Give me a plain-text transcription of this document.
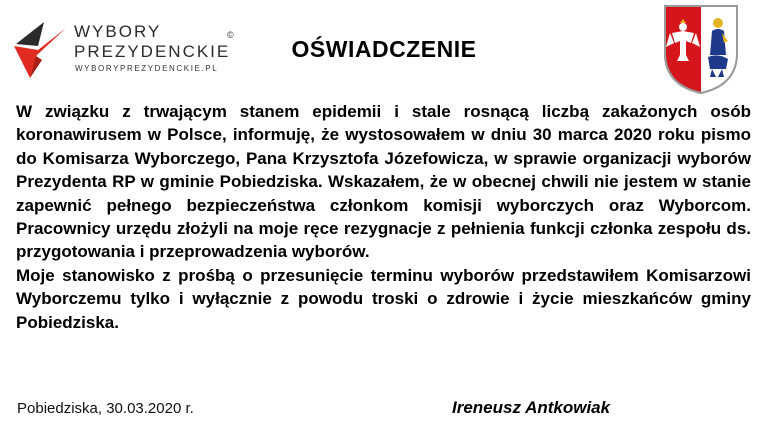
WYBORY
PREZYDENCKIE
©
WYBORYPREZYDENCKIE.PL
OŚWIADCZENIE

W związku z trwającym stanem epidemii i stale rosnącą liczbą zakażonych osób koronawirusem w Polsce, informuję, że wystosowałem w dniu 30 marca 2020 roku pismo do Komisarza Wyborczego, Pana Krzysztofa Józefowicza, w sprawie organizacji wyborów Prezydenta RP w gminie Pobiedziska. Wskazałem, że w obecnej chwili nie jestem w stanie zapewnić pełnego bezpieczeństwa członkom komisji wyborczych oraz Wyborcom. Pracownicy urzędu złożyli na moje ręce rezygnacje z pełnienia funkcji członka zespołu ds. przygotowania i przeprowadzenia wyborów.

Moje stanowisko z prośbą o przesunięcie terminu wyborów przedstawiłem Komisarzowi Wyborczemu tylko i wyłącznie z powodu troski o zdrowie i życie mieszkańców gminy Pobiedziska.

Pobiedziska, 30.03.2020 r.	Ireneusz Antkowiak
